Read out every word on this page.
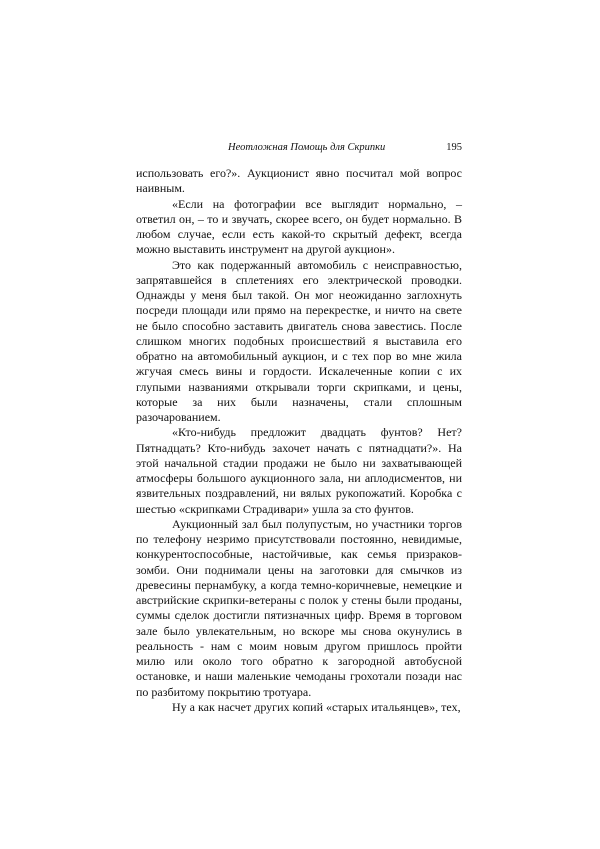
Неотложная Помощь для Скрипки	195

использовать его?». Аукционист явно посчитал мой вопрос наивным.

«Если на фотографии все выглядит нормально, – ответил он, – то и звучать, скорее всего, он будет нормально. В любом случае, если есть какой-то скрытый дефект, всегда можно выставить инструмент на другой аукцион».

Это как подержанный автомобиль с неисправностью, запрятавшейся в сплетениях его электрической проводки. Однажды у меня был такой. Он мог неожиданно заглохнуть посреди площади или прямо на перекрестке, и ничто на свете не было способно заставить двигатель снова завестись. После слишком многих подобных происшествий я выставила его обратно на автомобильный аукцион, и с тех пор во мне жила жгучая смесь вины и гордости. Искалеченные копии с их глупыми названиями открывали торги скрипками, и цены, которые за них были назначены, стали сплошным разочарованием.

«Кто-нибудь предложит двадцать фунтов? Нет? Пятнадцать? Кто-нибудь захочет начать с пятнадцати?». На этой начальной стадии продажи не было ни захватывающей атмосферы большого аукционного зала, ни аплодисментов, ни язвительных поздравлений, ни вялых рукопожатий. Коробка с шестью «скрипками Страдивари» ушла за сто фунтов.

Аукционный зал был полупустым, но участники торгов по телефону незримо присутствовали постоянно, невидимые, конкурентоспособные, настойчивые, как семья призраков-зомби. Они поднимали цены на заготовки для смычков из древесины пернамбуку, а когда темно-коричневые, немецкие и австрийские скрипки-ветераны с полок у стены были проданы, суммы сделок достигли пятизначных цифр. Время в торговом зале было увлекательным, но вскоре мы снова окунулись в реальность - нам с моим новым другом пришлось пройти милю или около того обратно к загородной автобусной остановке, и наши маленькие чемоданы грохотали позади нас по разбитому покрытию тротуара.

Ну а как насчет других копий «старых итальянцев», тех,
